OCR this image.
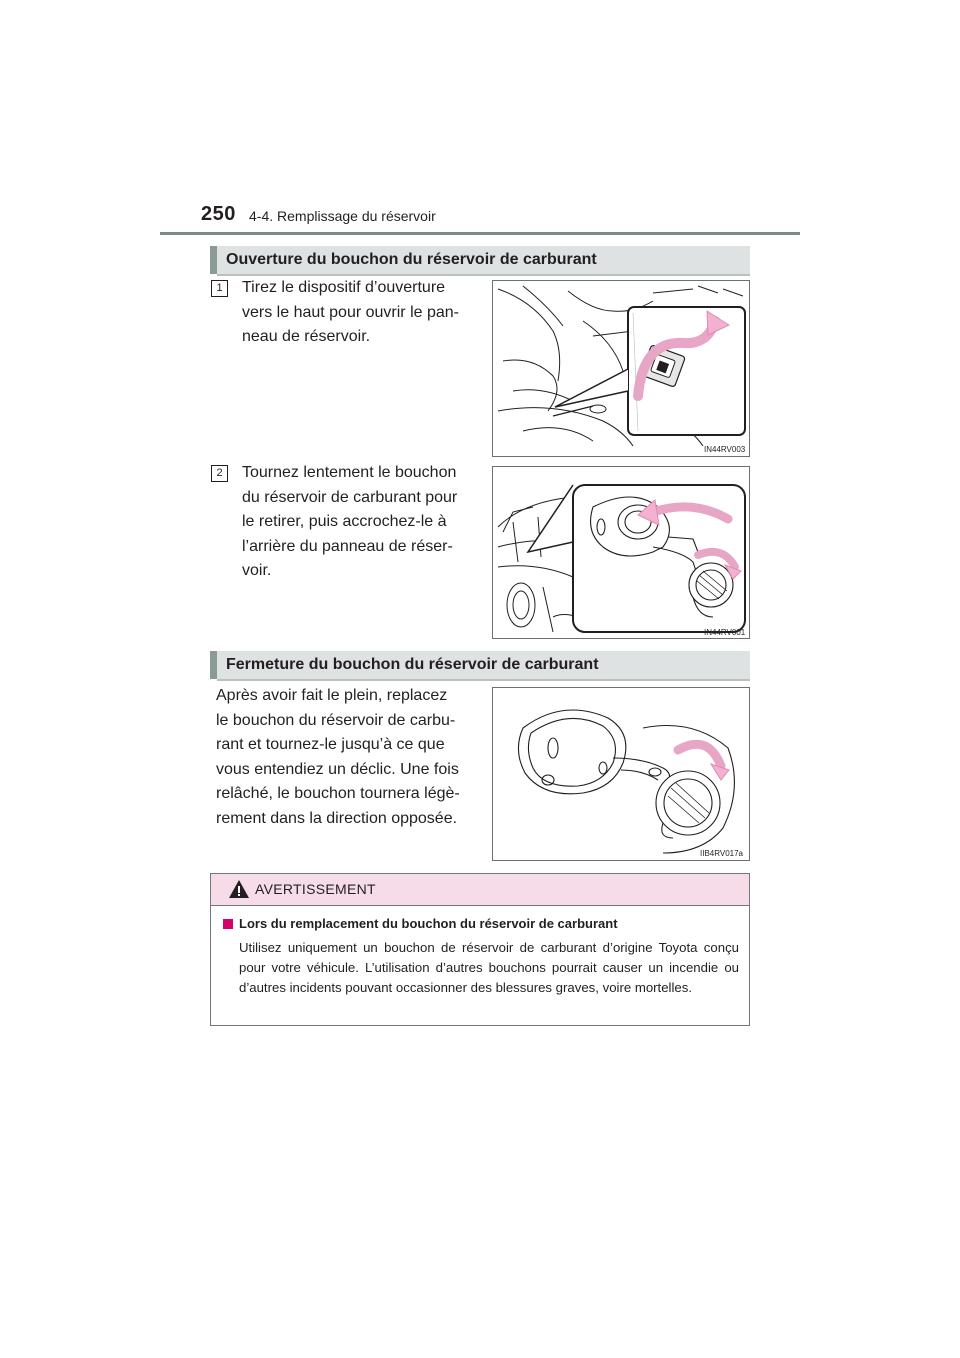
250 4-4. Remplissage du réservoir
Ouverture du bouchon du réservoir de carburant
1	Tirez le dispositif d’ouverture
vers le haut pour ouvrir le pan-
neau de réservoir.
IN44RV003
2	Tournez lentement le bouchon
du réservoir de carburant pour
le retirer, puis accrochez-le à
l’arrière du panneau de réser-
voir.
IN44RV001
Fermeture du bouchon du réservoir de carburant
Après avoir fait le plein, replacez
le bouchon du réservoir de carbu-
rant et tournez-le jusqu’à ce que
vous entendiez un déclic. Une fois
relâché, le bouchon tournera légè-
rement dans la direction opposée.
IIB4RV017a
AVERTISSEMENT
Lors du remplacement du bouchon du réservoir de carburant
Utilisez uniquement un bouchon de réservoir de carburant d’origine Toyota conçu pour votre véhicule. L’utilisation d’autres bouchons pourrait causer un incendie ou d’autres incidents pouvant occasionner des blessures graves, voire mortelles.
